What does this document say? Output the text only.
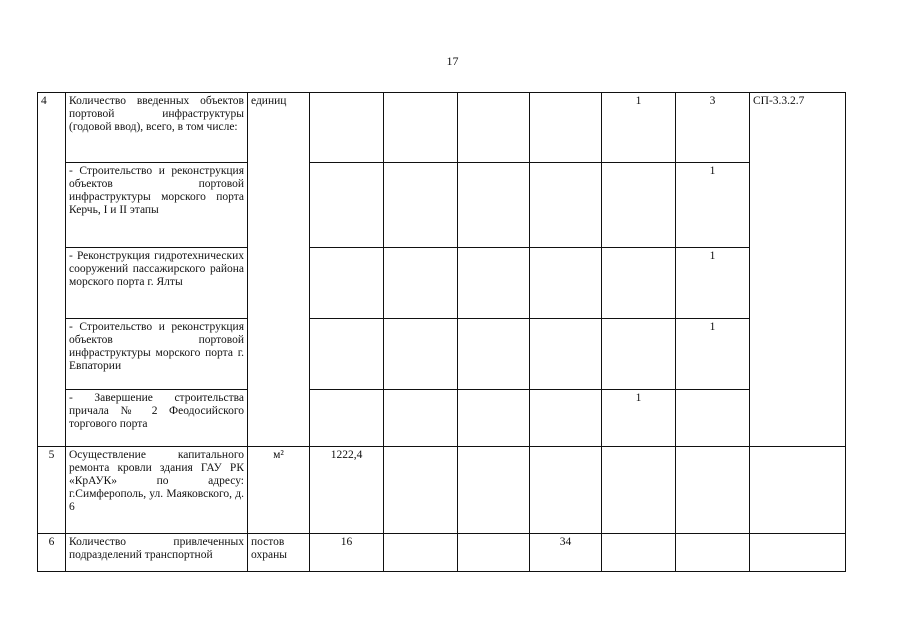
17
4	Количество введенных объектов портовой инфраструктуры (годовой ввод), всего, в том числе:	единиц					1	3	СП-3.3.2.7
	- Строительство и реконструкция объектов портовой инфраструктуры морского порта Керчь, I и II этапы							1	
	- Реконструкция гидротехнических сооружений пассажирского района морского порта г. Ялты							1	
	- Строительство и реконструкция объектов портовой инфраструктуры морского порта г. Евпатории							1	
	- Завершение строительства причала № 2 Феодосийского торгового порта						1		
5	Осуществление капитального ремонта кровли здания ГАУ РК «КрАУК» по адресу: г.Симферополь, ул. Маяковского, д. 6	м²	1222,4						
6	Количество привлеченных подразделений транспортной	постов охраны	16			34			
